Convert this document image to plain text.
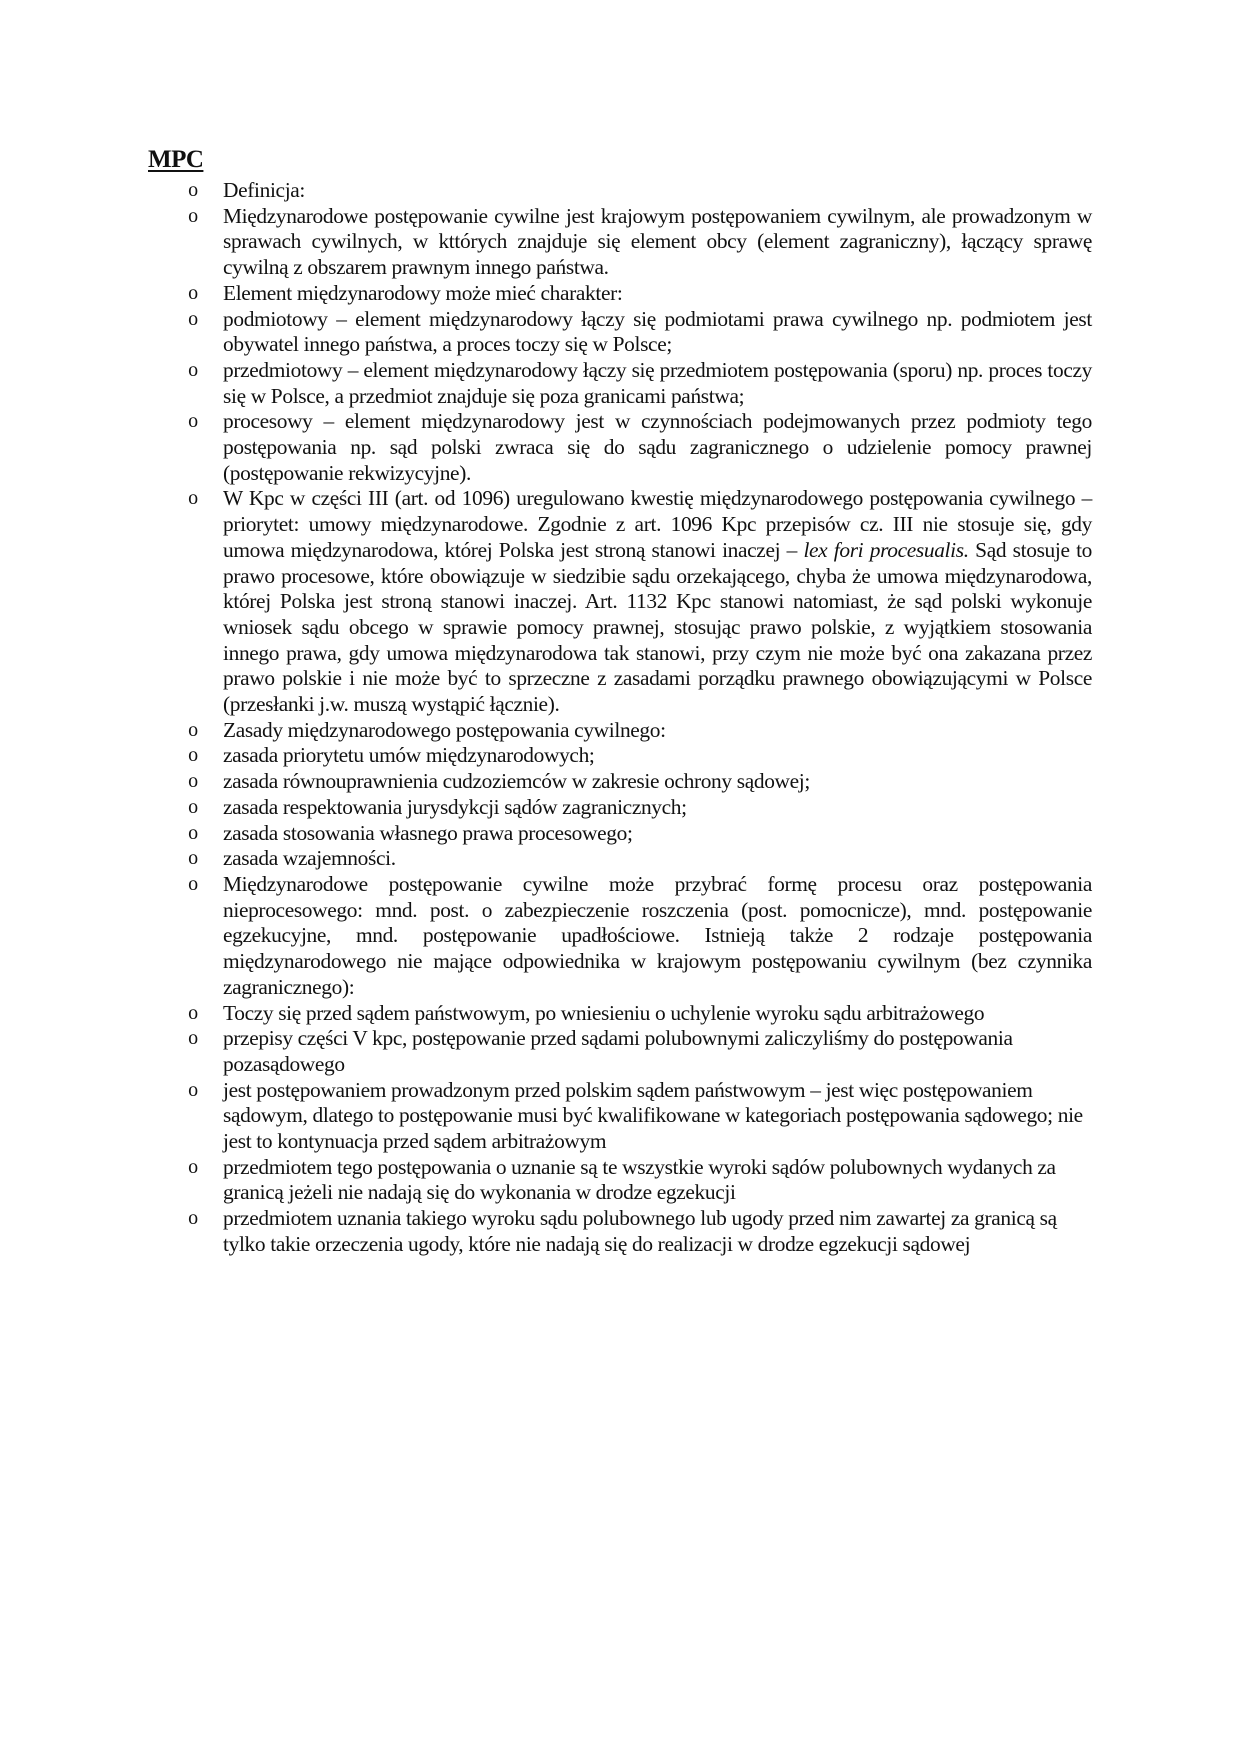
MPC
o Definicja:
o Międzynarodowe postępowanie cywilne jest krajowym postępowaniem cywilnym, ale prowadzonym w sprawach cywilnych, w kttórych znajduje się element obcy (element zagraniczny), łączący sprawę cywilną z obszarem prawnym innego państwa.
o Element międzynarodowy może mieć charakter:
o podmiotowy – element międzynarodowy łączy się podmiotami prawa cywilnego np. podmiotem jest obywatel innego państwa, a proces toczy się w Polsce;
o przedmiotowy – element międzynarodowy łączy się przedmiotem postępowania (sporu) np. proces toczy się w Polsce, a przedmiot znajduje się poza granicami państwa;
o procesowy – element międzynarodowy jest w czynnościach podejmowanych przez podmioty tego postępowania np. sąd polski zwraca się do sądu zagranicznego o udzielenie pomocy prawnej (postępowanie rekwizycyjne).
o W Kpc w części III (art. od 1096) uregulowano kwestię międzynarodowego postępowania cywilnego – priorytet: umowy międzynarodowe. Zgodnie z art. 1096 Kpc przepisów cz. III nie stosuje się, gdy umowa międzynarodowa, której Polska jest stroną stanowi inaczej – lex fori procesualis. Sąd stosuje to prawo procesowe, które obowiązuje w siedzibie sądu orzekającego, chyba że umowa międzynarodowa, której Polska jest stroną stanowi inaczej. Art. 1132 Kpc stanowi natomiast, że sąd polski wykonuje wniosek sądu obcego w sprawie pomocy prawnej, stosując prawo polskie, z wyjątkiem stosowania innego prawa, gdy umowa międzynarodowa tak stanowi, przy czym nie może być ona zakazana przez prawo polskie i nie może być to sprzeczne z zasadami porządku prawnego obowiązującymi w Polsce (przesłanki j.w. muszą wystąpić łącznie).
o Zasady międzynarodowego postępowania cywilnego:
o zasada priorytetu umów międzynarodowych;
o zasada równouprawnienia cudzoziemców w zakresie ochrony sądowej;
o zasada respektowania jurysdykcji sądów zagranicznych;
o zasada stosowania własnego prawa procesowego;
o zasada wzajemności.
o Międzynarodowe postępowanie cywilne może przybrać formę procesu oraz postępowania nieprocesowego: mnd. post. o zabezpieczenie roszczenia (post. pomocnicze), mnd. postępowanie egzekucyjne, mnd. postępowanie upadłościowe. Istnieją także 2 rodzaje postępowania międzynarodowego nie mające odpowiednika w krajowym postępowaniu cywilnym (bez czynnika zagranicznego):
o Toczy się przed sądem państwowym, po wniesieniu o uchylenie wyroku sądu arbitrażowego
o przepisy części V kpc, postępowanie przed sądami polubownymi zaliczyliśmy do postępowania pozasądowego
o jest postępowaniem prowadzonym przed polskim sądem państwowym – jest więc postępowaniem sądowym, dlatego to postępowanie musi być kwalifikowane w kategoriach postępowania sądowego; nie jest to kontynuacja przed sądem arbitrażowym
o przedmiotem tego postępowania o uznanie są te wszystkie wyroki sądów polubownych wydanych za granicą jeżeli nie nadają się do wykonania w drodze egzekucji
o przedmiotem uznania takiego wyroku sądu polubownego lub ugody przed nim zawartej za granicą są tylko takie orzeczenia ugody, które nie nadają się do realizacji w drodze egzekucji sądowej
